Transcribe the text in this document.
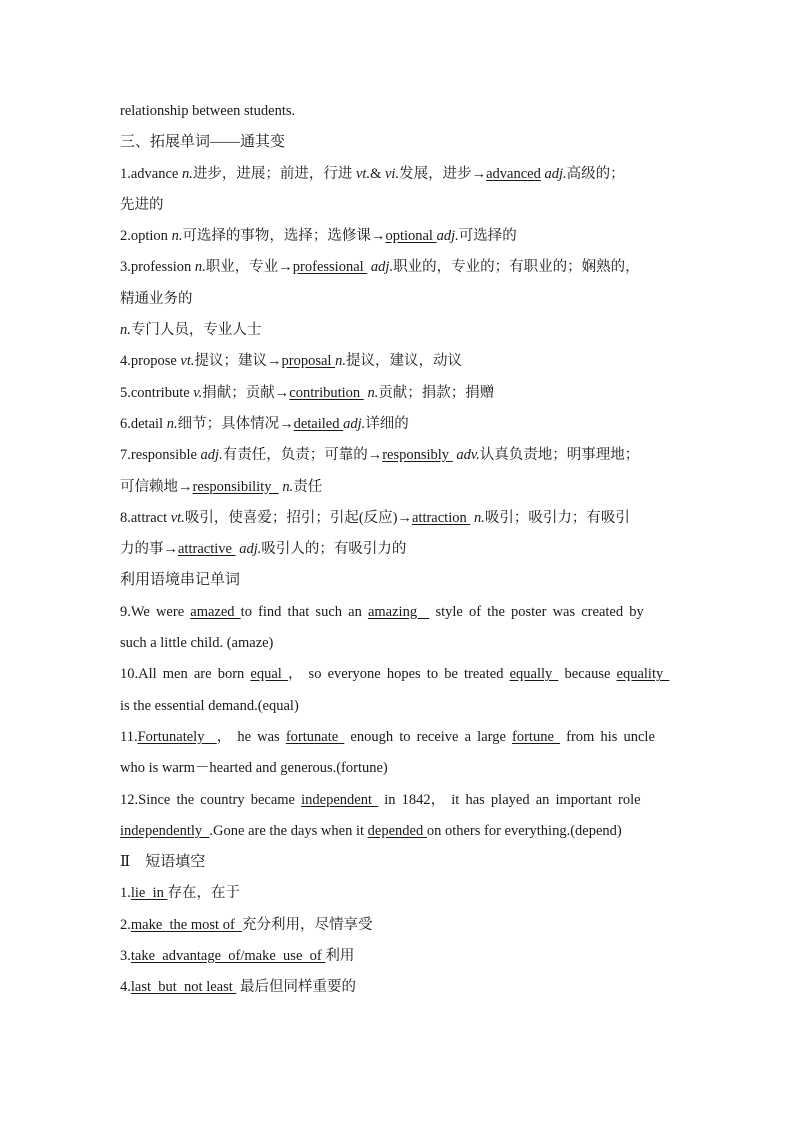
relationship between students.
三、拓展单词——通其变
1.advance n.进步，进展；前进，行进 vt.& vi.发展，进步→advanced adj.高级的；
先进的
2.option n.可选择的事物，选择；选修课→optional adj.可选择的
3.profession n.职业，专业→professional  adj.职业的，专业的；有职业的；娴熟的，
精通业务的
n.专门人员，专业人士
4.propose vt.提议；建议→proposal n.提议，建议，动议
5.contribute v.捐献；贡献→contribution  n.贡献；捐款；捐赠
6.detail n.细节；具体情况→detailed adj.详细的
7.responsible adj.有责任，负责；可靠的→responsibly  adv.认真负责地；明事理地；
可信赖地→responsibility   n.责任
8.attract vt.吸引，使喜爱；招引；引起(反应)→attraction  n.吸引；吸引力；有吸引
力的事→attractive  adj.吸引人的；有吸引力的
利用语境串记单词
9.We were amazed to find that such an amazing   style of the poster was created by
such a little child. (amaze)
10.All men are born equal ， so everyone hopes to be treated equally  because equality
is the essential demand.(equal)
11.Fortunately  ， he was fortunate  enough to receive a large fortune  from his uncle
who is warm－hearted and generous.(fortune)
12.Since the country became independent  in 1842， it has played an important role
independently  .Gone are the days when it depended on others for everything.(depend)
Ⅱ　短语填空
1.lie  in 存在，在于
2.make  the most of  充分利用，尽情享受
3.take  advantage  of/make  use  of 利用
4.last  but  not least  最后但同样重要的
